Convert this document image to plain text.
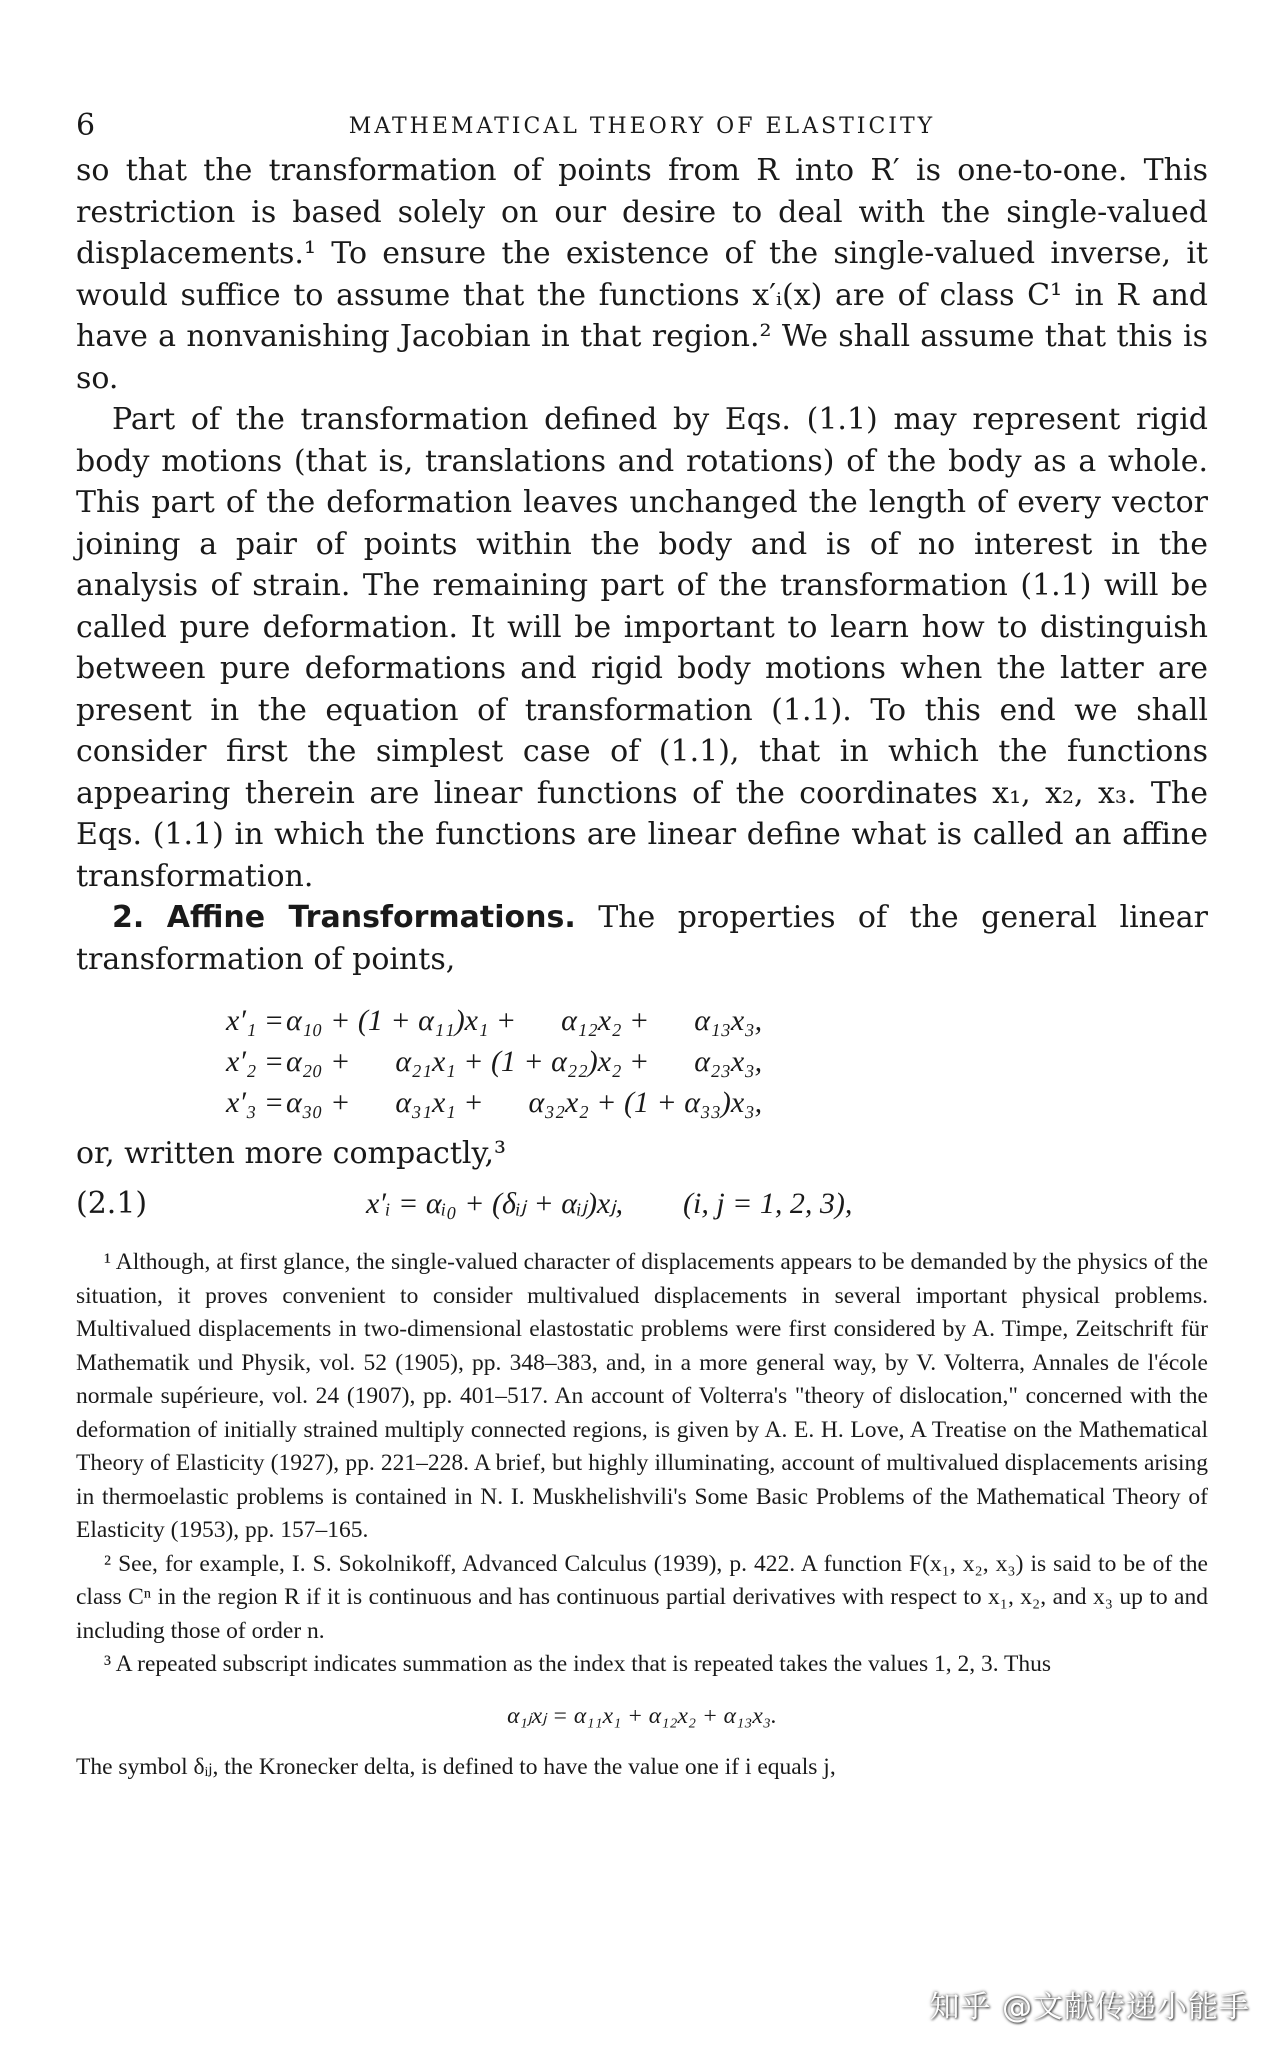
6	MATHEMATICAL THEORY OF ELASTICITY

so that the transformation of points from R into R′ is one-to-one. This restriction is based solely on our desire to deal with the single-valued displacements.¹ To ensure the existence of the single-valued inverse, it would suffice to assume that the functions x′ᵢ(x) are of class C¹ in R and have a nonvanishing Jacobian in that region.² We shall assume that this is so.

Part of the transformation defined by Eqs. (1.1) may represent rigid body motions (that is, translations and rotations) of the body as a whole. This part of the deformation leaves unchanged the length of every vector joining a pair of points within the body and is of no interest in the analysis of strain. The remaining part of the transformation (1.1) will be called pure deformation. It will be important to learn how to distinguish between pure deformations and rigid body motions when the latter are present in the equation of transformation (1.1). To this end we shall consider first the simplest case of (1.1), that in which the functions appearing therein are linear functions of the coordinates x₁, x₂, x₃. The Eqs. (1.1) in which the functions are linear define what is called an affine transformation.

2. Affine Transformations. The properties of the general linear transformation of points,

x′₁ = α₁₀ + (1 + α₁₁)x₁ +      α₁₂x₂ +      α₁₃x₃,
x′₂ = α₂₀ +      α₂₁x₁ + (1 + α₂₂)x₂ +      α₂₃x₃,
x′₃ = α₃₀ +      α₃₁x₁ +      α₃₂x₂ + (1 + α₃₃)x₃,

or, written more compactly,³

(2.1)	x′ᵢ = αᵢ₀ + (δᵢⱼ + αᵢⱼ)xⱼ,        (i, j = 1, 2, 3),

¹ Although, at first glance, the single-valued character of displacements appears to be demanded by the physics of the situation, it proves convenient to consider multivalued displacements in several important physical problems. Multivalued displacements in two-dimensional elastostatic problems were first considered by A. Timpe, Zeitschrift für Mathematik und Physik, vol. 52 (1905), pp. 348–383, and, in a more general way, by V. Volterra, Annales de l'école normale supérieure, vol. 24 (1907), pp. 401–517. An account of Volterra's "theory of dislocation," concerned with the deformation of initially strained multiply connected regions, is given by A. E. H. Love, A Treatise on the Mathematical Theory of Elasticity (1927), pp. 221–228. A brief, but highly illuminating, account of multivalued displacements arising in thermoelastic problems is contained in N. I. Muskhelishvili's Some Basic Problems of the Mathematical Theory of Elasticity (1953), pp. 157–165.

² See, for example, I. S. Sokolnikoff, Advanced Calculus (1939), p. 422. A function F(x₁, x₂, x₃) is said to be of the class Cⁿ in the region R if it is continuous and has continuous partial derivatives with respect to x₁, x₂, and x₃ up to and including those of order n.

³ A repeated subscript indicates summation as the index that is repeated takes the values 1, 2, 3. Thus

α₁ⱼxⱼ = α₁₁x₁ + α₁₂x₂ + α₁₃x₃.

The symbol δᵢⱼ, the Kronecker delta, is defined to have the value one if i equals j,

知乎 @文献传递小能手
